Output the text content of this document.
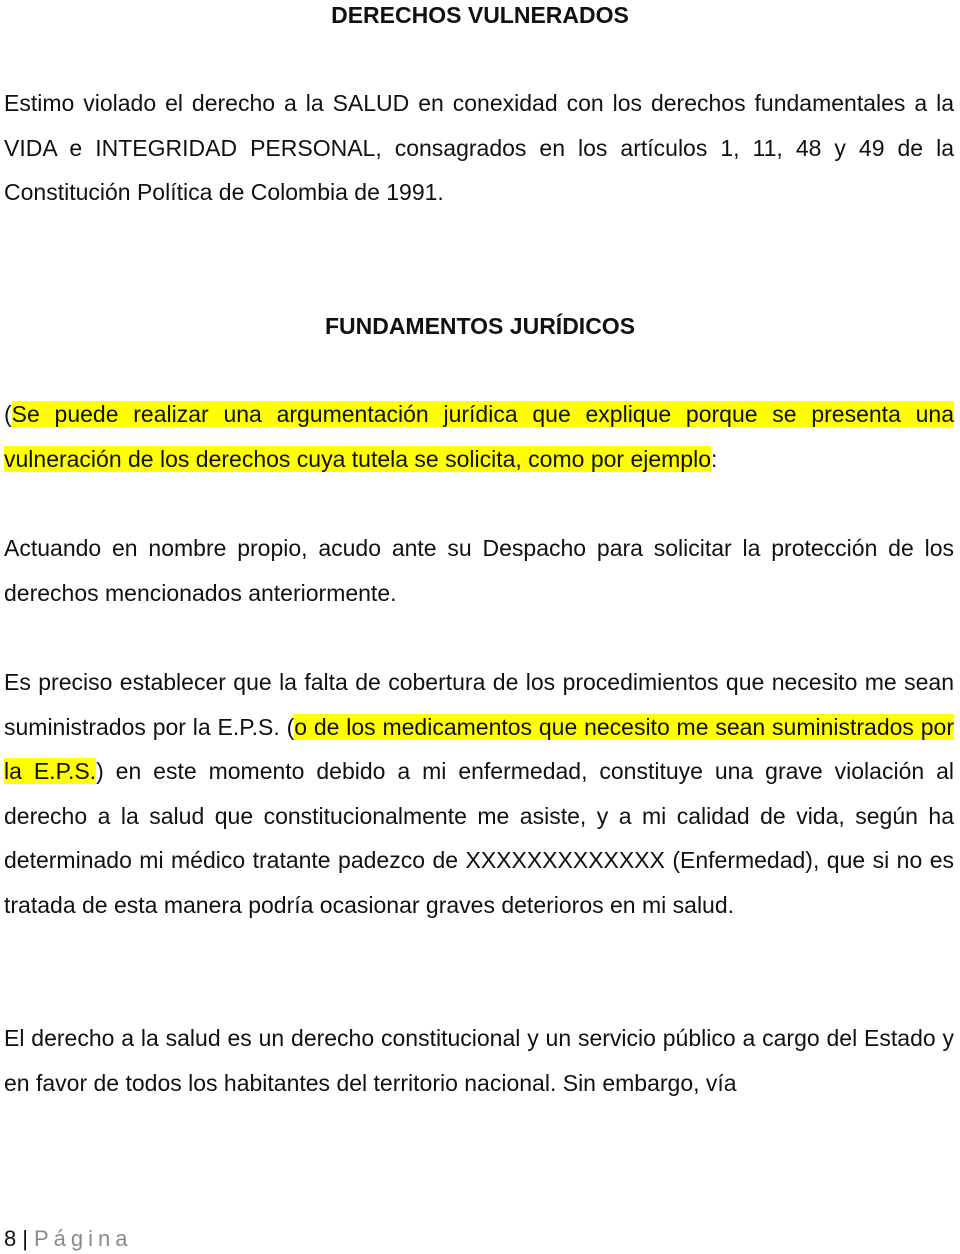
DERECHOS VULNERADOS
Estimo violado el derecho a la SALUD en conexidad con los derechos fundamentales a la VIDA e INTEGRIDAD PERSONAL, consagrados en los artículos 1, 11, 48 y 49 de la Constitución Política de Colombia de 1991.
FUNDAMENTOS JURÍDICOS
(Se puede realizar una argumentación jurídica que explique porque se presenta una vulneración de los derechos cuya tutela se solicita, como por ejemplo:
Actuando en nombre propio, acudo ante su Despacho para solicitar la protección de los derechos mencionados anteriormente.
Es preciso establecer que la falta de cobertura de los procedimientos que necesito me sean suministrados por la E.P.S. (o de los medicamentos que necesito me sean suministrados por la E.P.S.) en este momento debido a mi enfermedad, constituye una grave violación al derecho a la salud que constitucionalmente me asiste, y a mi calidad de vida, según ha determinado mi médico tratante padezco de XXXXXXXXXXXXX (Enfermedad), que si no es tratada de esta manera podría ocasionar graves deterioros en mi salud.
El derecho a la salud es un derecho constitucional y un servicio público a cargo del Estado y en favor de todos los habitantes del territorio nacional. Sin embargo, vía
8 | Página
